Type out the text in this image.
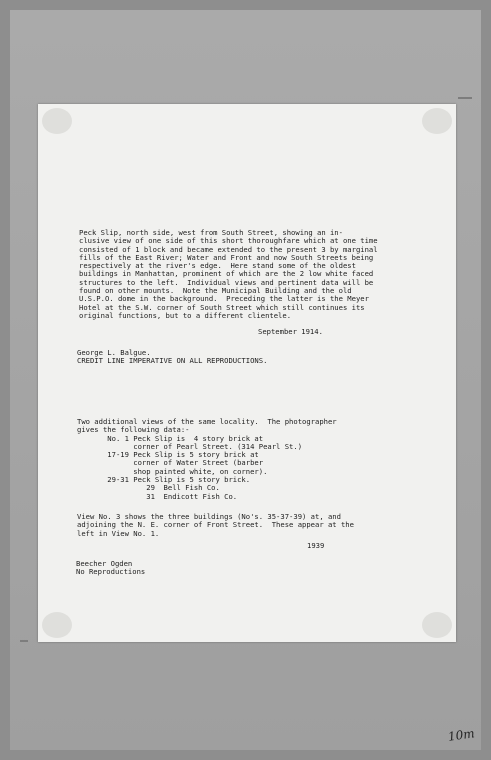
Peck Slip, north side, west from South Street, showing an in-
clusive view of one side of this short thoroughfare which at one time
consisted of 1 block and became extended to the present 3 by marginal
fills of the East River; Water and Front and now South Streets being
respectively at the river's edge.  Here stand some of the oldest
buildings in Manhattan, prominent of which are the 2 low white faced
structures to the left.  Individual views and pertinent data will be
found on other mounts.  Note the Municipal Building and the old
U.S.P.O. dome in the background.  Preceding the latter is the Meyer
Hotel at the S.W. corner of South Street which still continues its
original functions, but to a different clientele.
September 1914.
George L. Balgue.
CREDIT LINE IMPERATIVE ON ALL REPRODUCTIONS.
Two additional views of the same locality.  The photographer
gives the following data:-
No. 1 Peck Slip is  4 story brick at
corner of Pearl Street. (314 Pearl St.)
17-19 Peck Slip is 5 story brick at
corner of Water Street (barber
shop painted white, on corner).
29-31 Peck Slip is 5 story brick.
29  Bell Fish Co.
31  Endicott Fish Co.
View No. 3 shows the three buildings (No's. 35-37-39) at, and
adjoining the N. E. corner of Front Street.  These appear at the
left in View No. 1.
1939
Beecher Ogden
No Reproductions
10m
